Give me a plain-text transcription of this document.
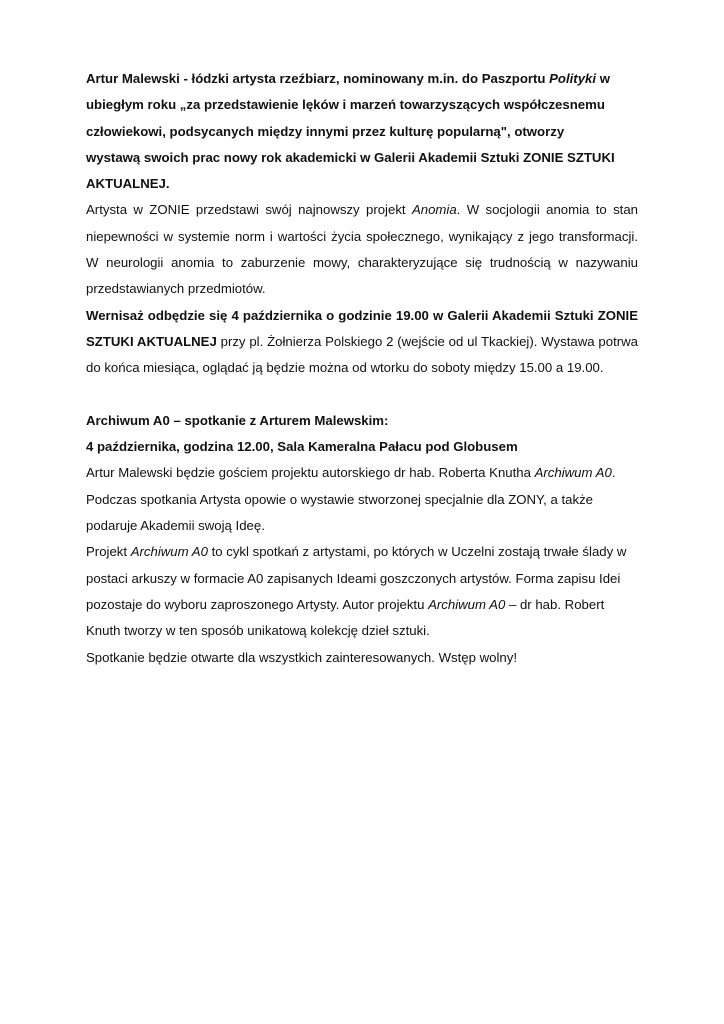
Artur Malewski - łódzki artysta rzeźbiarz, nominowany m.in. do Paszportu Polityki w
ubiegłym roku „za przedstawienie lęków i marzeń towarzyszących współczesnemu
człowiekowi, podsycanych między innymi przez kulturę popularną", otworzy
wystawą swoich prac nowy rok akademicki w Galerii Akademii Sztuki ZONIE SZTUKI
AKTUALNEJ.
Artysta w ZONIE przedstawi swój najnowszy projekt Anomia. W socjologii anomia to stan
niepewności w systemie norm i wartości życia społecznego, wynikający z jego transformacji.
W neurologii anomia to zaburzenie mowy, charakteryzujące się trudnością w nazywaniu
przedstawianych przedmiotów.
Wernisaż odbędzie się 4 października o godzinie 19.00 w Galerii Akademii Sztuki ZONIE
SZTUKI AKTUALNEJ przy pl. Żołnierza Polskiego 2 (wejście od ul Tkackiej). Wystawa potrwa
do końca miesiąca, oglądać ją będzie można od wtorku do soboty między 15.00 a 19.00.
Archiwum A0 – spotkanie z Arturem Malewskim:
4 października, godzina 12.00, Sala Kameralna Pałacu pod Globusem
Artur Malewski będzie gościem projektu autorskiego dr hab. Roberta Knutha Archiwum A0.
Podczas spotkania Artysta opowie o wystawie stworzonej specjalnie dla ZONY, a także
podaruje Akademii swoją Ideę.
Projekt Archiwum A0 to cykl spotkań z artystami, po których w Uczelni zostają trwałe ślady w
postaci arkuszy w formacie A0 zapisanych Ideami goszczonych artystów. Forma zapisu Idei
pozostaje do wyboru zaproszonego Artysty. Autor projektu Archiwum A0 – dr hab. Robert
Knuth tworzy w ten sposób unikatową kolekcję dzieł sztuki.
Spotkanie będzie otwarte dla wszystkich zainteresowanych. Wstęp wolny!
